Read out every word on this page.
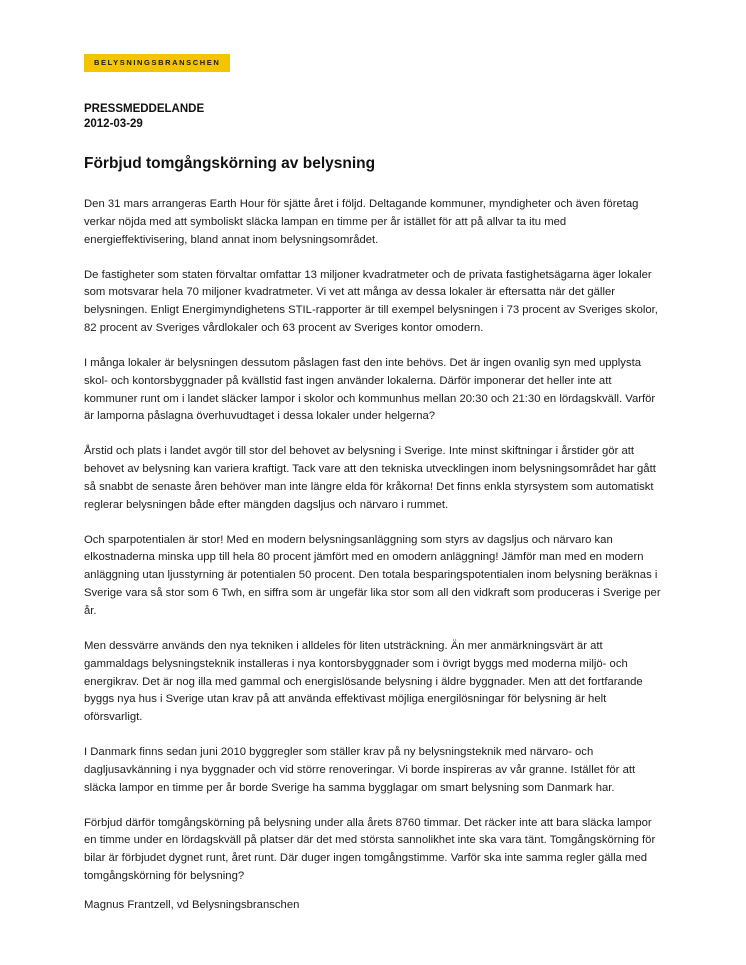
BELYSNINGSBRANSCHEN
PRESSMEDDELANDE
2012-03-29
Förbjud tomgångskörning av belysning

Den 31 mars arrangeras Earth Hour för sjätte året i följd. Deltagande kommuner, myndigheter och även företag verkar nöjda med att symboliskt släcka lampan en timme per år istället för att på allvar ta itu med energieffektivisering, bland annat inom belysningsområdet.

De fastigheter som staten förvaltar omfattar 13 miljoner kvadratmeter och de privata fastighetsägarna äger lokaler som motsvarar hela 70 miljoner kvadratmeter. Vi vet att många av dessa lokaler är eftersatta när det gäller belysningen. Enligt Energimyndighetens STIL-rapporter är till exempel belysningen i 73 procent av Sveriges skolor, 82 procent av Sveriges vårdlokaler och 63 procent av Sveriges kontor omodern.

I många lokaler är belysningen dessutom påslagen fast den inte behövs. Det är ingen ovanlig syn med upplysta skol- och kontorsbyggnader på kvällstid fast ingen använder lokalerna. Därför imponerar det heller inte att kommuner runt om i landet släcker lampor i skolor och kommunhus mellan 20:30 och 21:30 en lördagskväll. Varför är lamporna påslagna överhuvudtaget i dessa lokaler under helgerna?

Årstid och plats i landet avgör till stor del behovet av belysning i Sverige. Inte minst skiftningar i årstider gör att behovet av belysning kan variera kraftigt. Tack vare att den tekniska utvecklingen inom belysningsområdet har gått så snabbt de senaste åren behöver man inte längre elda för kråkorna! Det finns enkla styrsystem som automatiskt reglerar belysningen både efter mängden dagsljus och närvaro i rummet.

Och sparpotentialen är stor! Med en modern belysningsanläggning som styrs av dagsljus och närvaro kan elkostnaderna minska upp till hela 80 procent jämfört med en omodern anläggning! Jämför man med en modern anläggning utan ljusstyrning är potentialen 50 procent. Den totala besparingspotentialen inom belysning beräknas i Sverige vara så stor som 6 Twh, en siffra som är ungefär lika stor som all den vidkraft som produceras i Sverige per år.

Men dessvärre används den nya tekniken i alldeles för liten utsträckning. Än mer anmärkningsvärt är att gammaldags belysningsteknik installeras i nya kontorsbyggnader som i övrigt byggs med moderna miljö- och energikrav. Det är nog illa med gammal och energislösande belysning i äldre byggnader. Men att det fortfarande byggs nya hus i Sverige utan krav på att använda effektivast möjliga energilösningar för belysning är helt oförsvarligt.

I Danmark finns sedan juni 2010 byggregler som ställer krav på ny belysningsteknik med närvaro- och dagljusavkänning i nya byggnader och vid större renoveringar. Vi borde inspireras av vår granne. Istället för att släcka lampor en timme per år borde Sverige ha samma bygglagar om smart belysning som Danmark har.

Förbjud därför tomgångskörning på belysning under alla årets 8760 timmar. Det räcker inte att bara släcka lampor en timme under en lördagskväll på platser där det med största sannolikhet inte ska vara tänt. Tomgångskörning för bilar är förbjudet dygnet runt, året runt. Där duger ingen tomgångstimme. Varför ska inte samma regler gälla med tomgångskörning för belysning?

Magnus Frantzell, vd Belysningsbranschen
